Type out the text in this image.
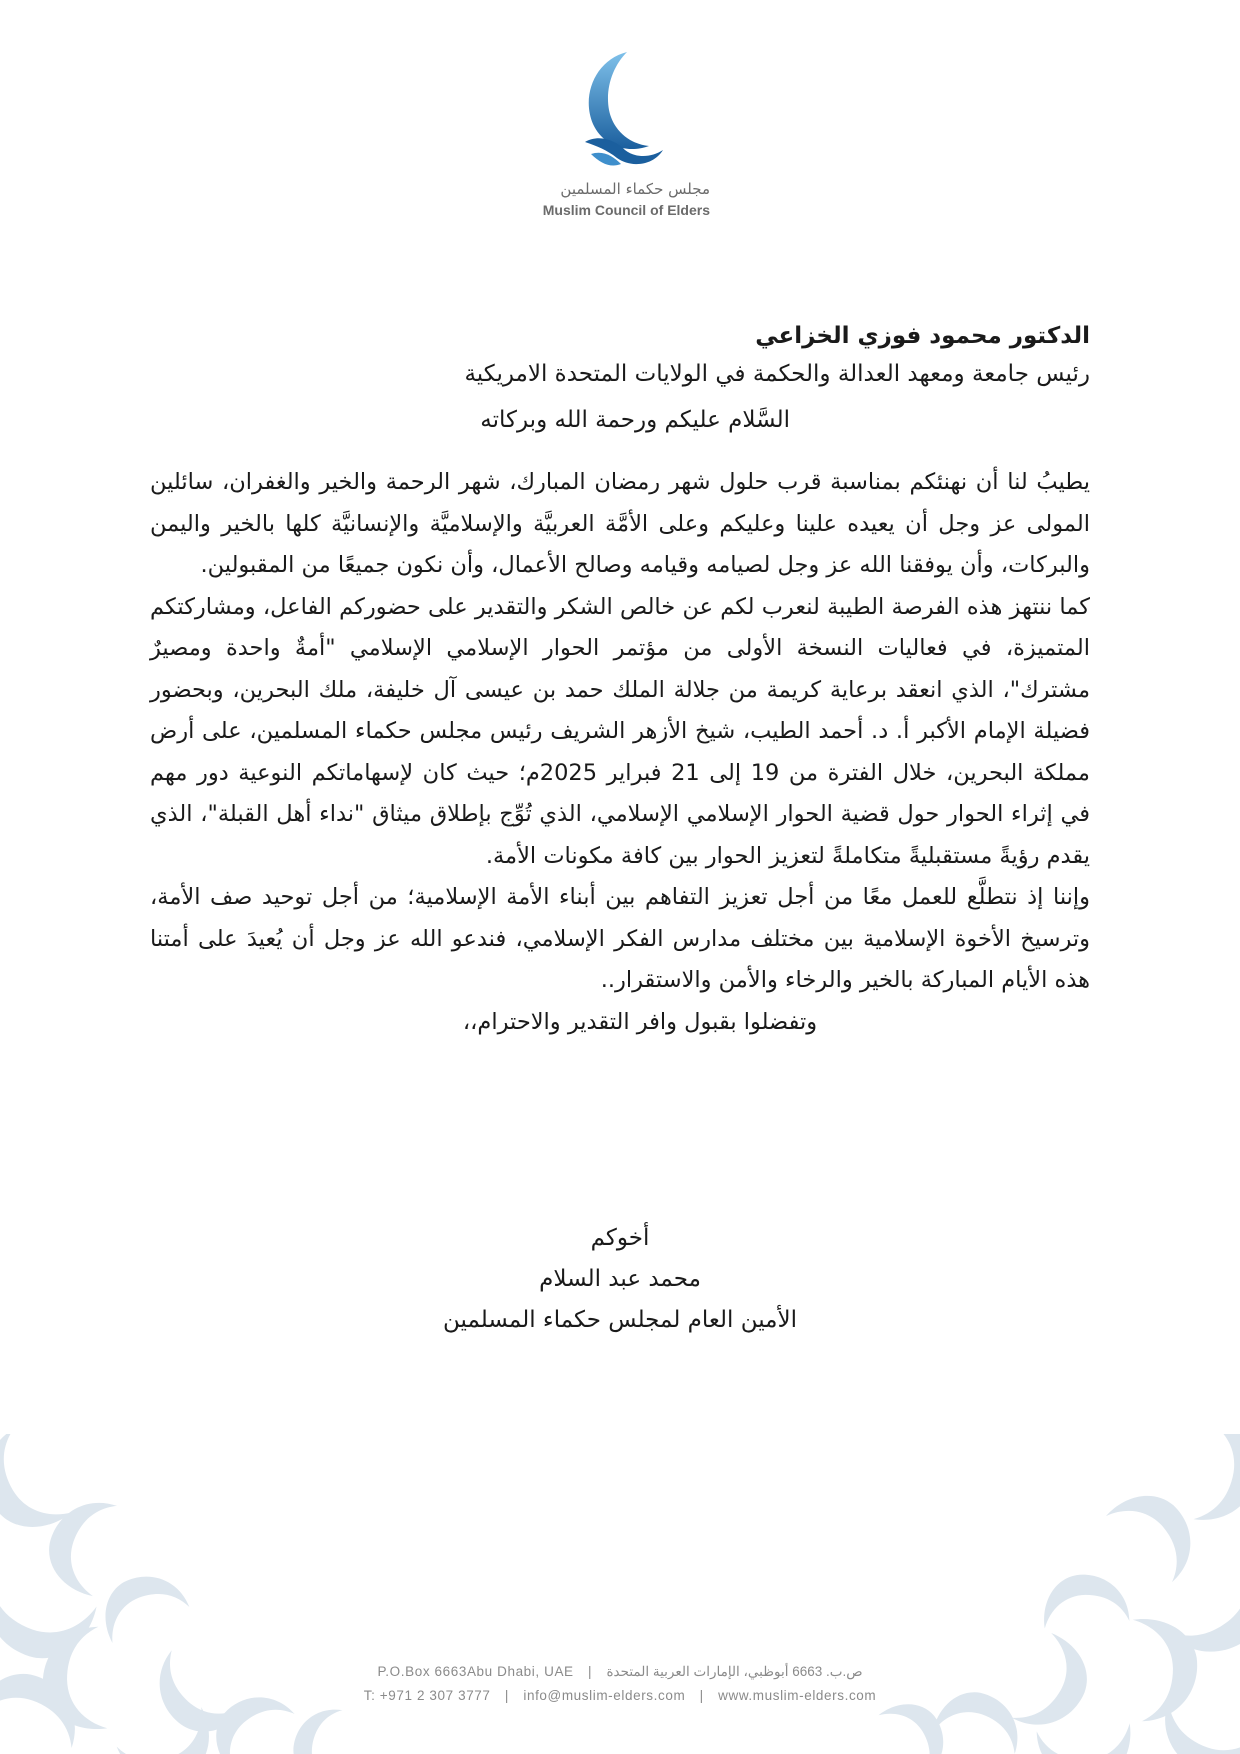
مجلس حكماء المسلمين
Muslim Council of Elders

الدكتور محمود فوزي الخزاعي

رئيس جامعة ومعهد العدالة والحكمة في الولايات المتحدة الامريكية

السَّلام عليكم ورحمة الله وبركاته

يطيبُ لنا أن نهنئكم بمناسبة قرب حلول شهر رمضان المبارك، شهر الرحمة والخير والغفران، سائلين المولى عز وجل أن يعيده علينا وعليكم وعلى الأمَّة العربيَّة والإسلاميَّة والإنسانيَّة كلها بالخير واليمن والبركات، وأن يوفقنا الله عز وجل لصيامه وقيامه وصالح الأعمال، وأن نكون جميعًا من المقبولين.

كما ننتهز هذه الفرصة الطيبة لنعرب لكم عن خالص الشكر والتقدير على حضوركم الفاعل، ومشاركتكم المتميزة، في فعاليات النسخة الأولى من مؤتمر الحوار الإسلامي الإسلامي "أمةٌ واحدة ومصيرٌ مشترك"، الذي انعقد برعاية كريمة من جلالة الملك حمد بن عيسى آل خليفة، ملك البحرين، وبحضور فضيلة الإمام الأكبر أ. د. أحمد الطيب، شيخ الأزهر الشريف رئيس مجلس حكماء المسلمين، على أرض مملكة البحرين، خلال الفترة من 19 إلى 21 فبراير 2025م؛ حيث كان لإسهاماتكم النوعية دور مهم في إثراء الحوار حول قضية الحوار الإسلامي الإسلامي، الذي تُوِّج بإطلاق ميثاق "نداء أهل القبلة"، الذي يقدم رؤيةً مستقبليةً متكاملةً لتعزيز الحوار بين كافة مكونات الأمة.

وإننا إذ نتطلَّع للعمل معًا من أجل تعزيز التفاهم بين أبناء الأمة الإسلامية؛ من أجل توحيد صف الأمة، وترسيخ الأخوة الإسلامية بين مختلف مدارس الفكر الإسلامي، فندعو الله عز وجل أن يُعيدَ على أمتنا هذه الأيام المباركة بالخير والرخاء والأمن والاستقرار..

وتفضلوا بقبول وافر التقدير والاحترام،،

أخوكم

محمد عبد السلام

الأمين العام لمجلس حكماء المسلمين

P.O.Box 6663Abu Dhabi, UAE | ص.ب. 6663 أبوظبي، الإمارات العربية المتحدة
T: +971 2 307 3777 | info@muslim-elders.com | www.muslim-elders.com
